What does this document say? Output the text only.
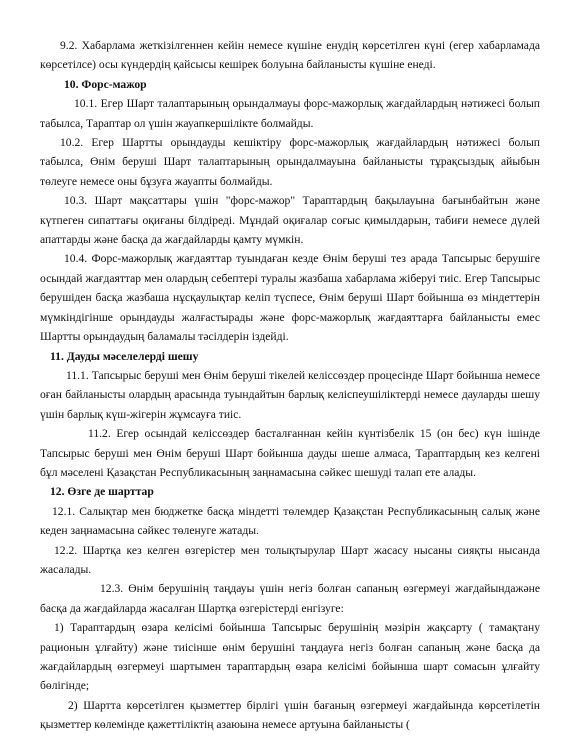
9.2. Хабарлама жеткізілгеннен кейін немесе күшіне енудің көрсетілген күні (егер хабарламада көрсетілсе) осы күндердің қайсысы кешірек болуына байланысты күшіне енеді.

10. Форс-мажор

10.1. Егер Шарт талаптарының орындалмауы форс-мажорлық жағдайлардың нәтижесі болып табылса, Тараптар ол үшін жауапкершілікте болмайды.

10.2. Егер Шартты орындауды кешіктіру форс-мажорлық жағдайлардың нәтижесі болып табылса, Өнім беруші Шарт талаптарының орындалмауына байланысты тұрақсыздық айыбын төлеуге немесе оны бұзуға жауапты болмайды.

10.3. Шарт мақсаттары үшін "форс-мажор" Тараптардың бақылауына бағынбайтын және күтпеген сипаттағы оқиғаны білдіреді. Мұндай оқиғалар соғыс қимылдарын, табиғи немесе дүлей апаттарды және басқа да жағдайларды қамту мүмкін.

10.4. Форс-мажорлық жағдаяттар туындаған кезде Өнім беруші тез арада Тапсырыс берушіге осындай жағдаяттар мен олардың себептері туралы жазбаша хабарлама жіберуі тиіс. Егер Тапсырыс берушіден басқа жазбаша нұсқаулықтар келіп түспесе, Өнім беруші Шарт бойынша өз міндеттерін мүмкіндігінше орындауды жалғастырады және форс-мажорлық жағдаяттарға байланысты емес Шартты орындаудың баламалы тәсілдерін іздейді.

11. Дауды мәселелерді шешу

11.1. Тапсырыс беруші мен Өнім беруші тікелей келіссөздер процесінде Шарт бойынша немесе оған байланысты олардың арасында туындайтын барлық келіспеушіліктерді немесе дауларды шешу үшін барлық күш-жігерін жұмсауға тиіс.

11.2. Егер осындай келіссөздер басталғаннан кейін күнтізбелік 15 (он бес) күн ішінде Тапсырыс беруші мен Өнім беруші Шарт бойынша дауды шеше алмаса, Тараптардың кез келгені бұл мәселені Қазақстан Республикасының заңнамасына сәйкес шешуді талап ете алады.

12. Өзге де шарттар

12.1. Салықтар мен бюджетке басқа міндетті төлемдер Қазақстан Республикасының салық және кеден заңнамасына сәйкес төленуге жатады.

12.2. Шартқа кез келген өзгерістер мен толықтырулар Шарт жасасу нысаны сияқты нысанда жасалады.

12.3. Өнім берушінің таңдауы үшін негіз болған сапаның өзгермеуі жағдайындажәне басқа да жағдайларда жасалған Шартқа өзгерістерді енгізуге:

1) Тараптардың өзара келісімі бойынша Тапсырыс берушінің мәзірін жақсарту ( тамақтану рационын ұлғайту) және тиісінше өнім берушіні таңдауға негіз болған сапаның және басқа да жағдайлардың өзгермеуі шартымен тараптардың өзара келісімі бойынша шарт сомасын ұлғайту бөлігінде;

2) Шартта көрсетілген қызметтер бірлігі үшін бағаның өзгермеуі жағдайында көрсетілетін қызметтер көлемінде қажеттіліктің азаюына немесе артуына байланысты (
